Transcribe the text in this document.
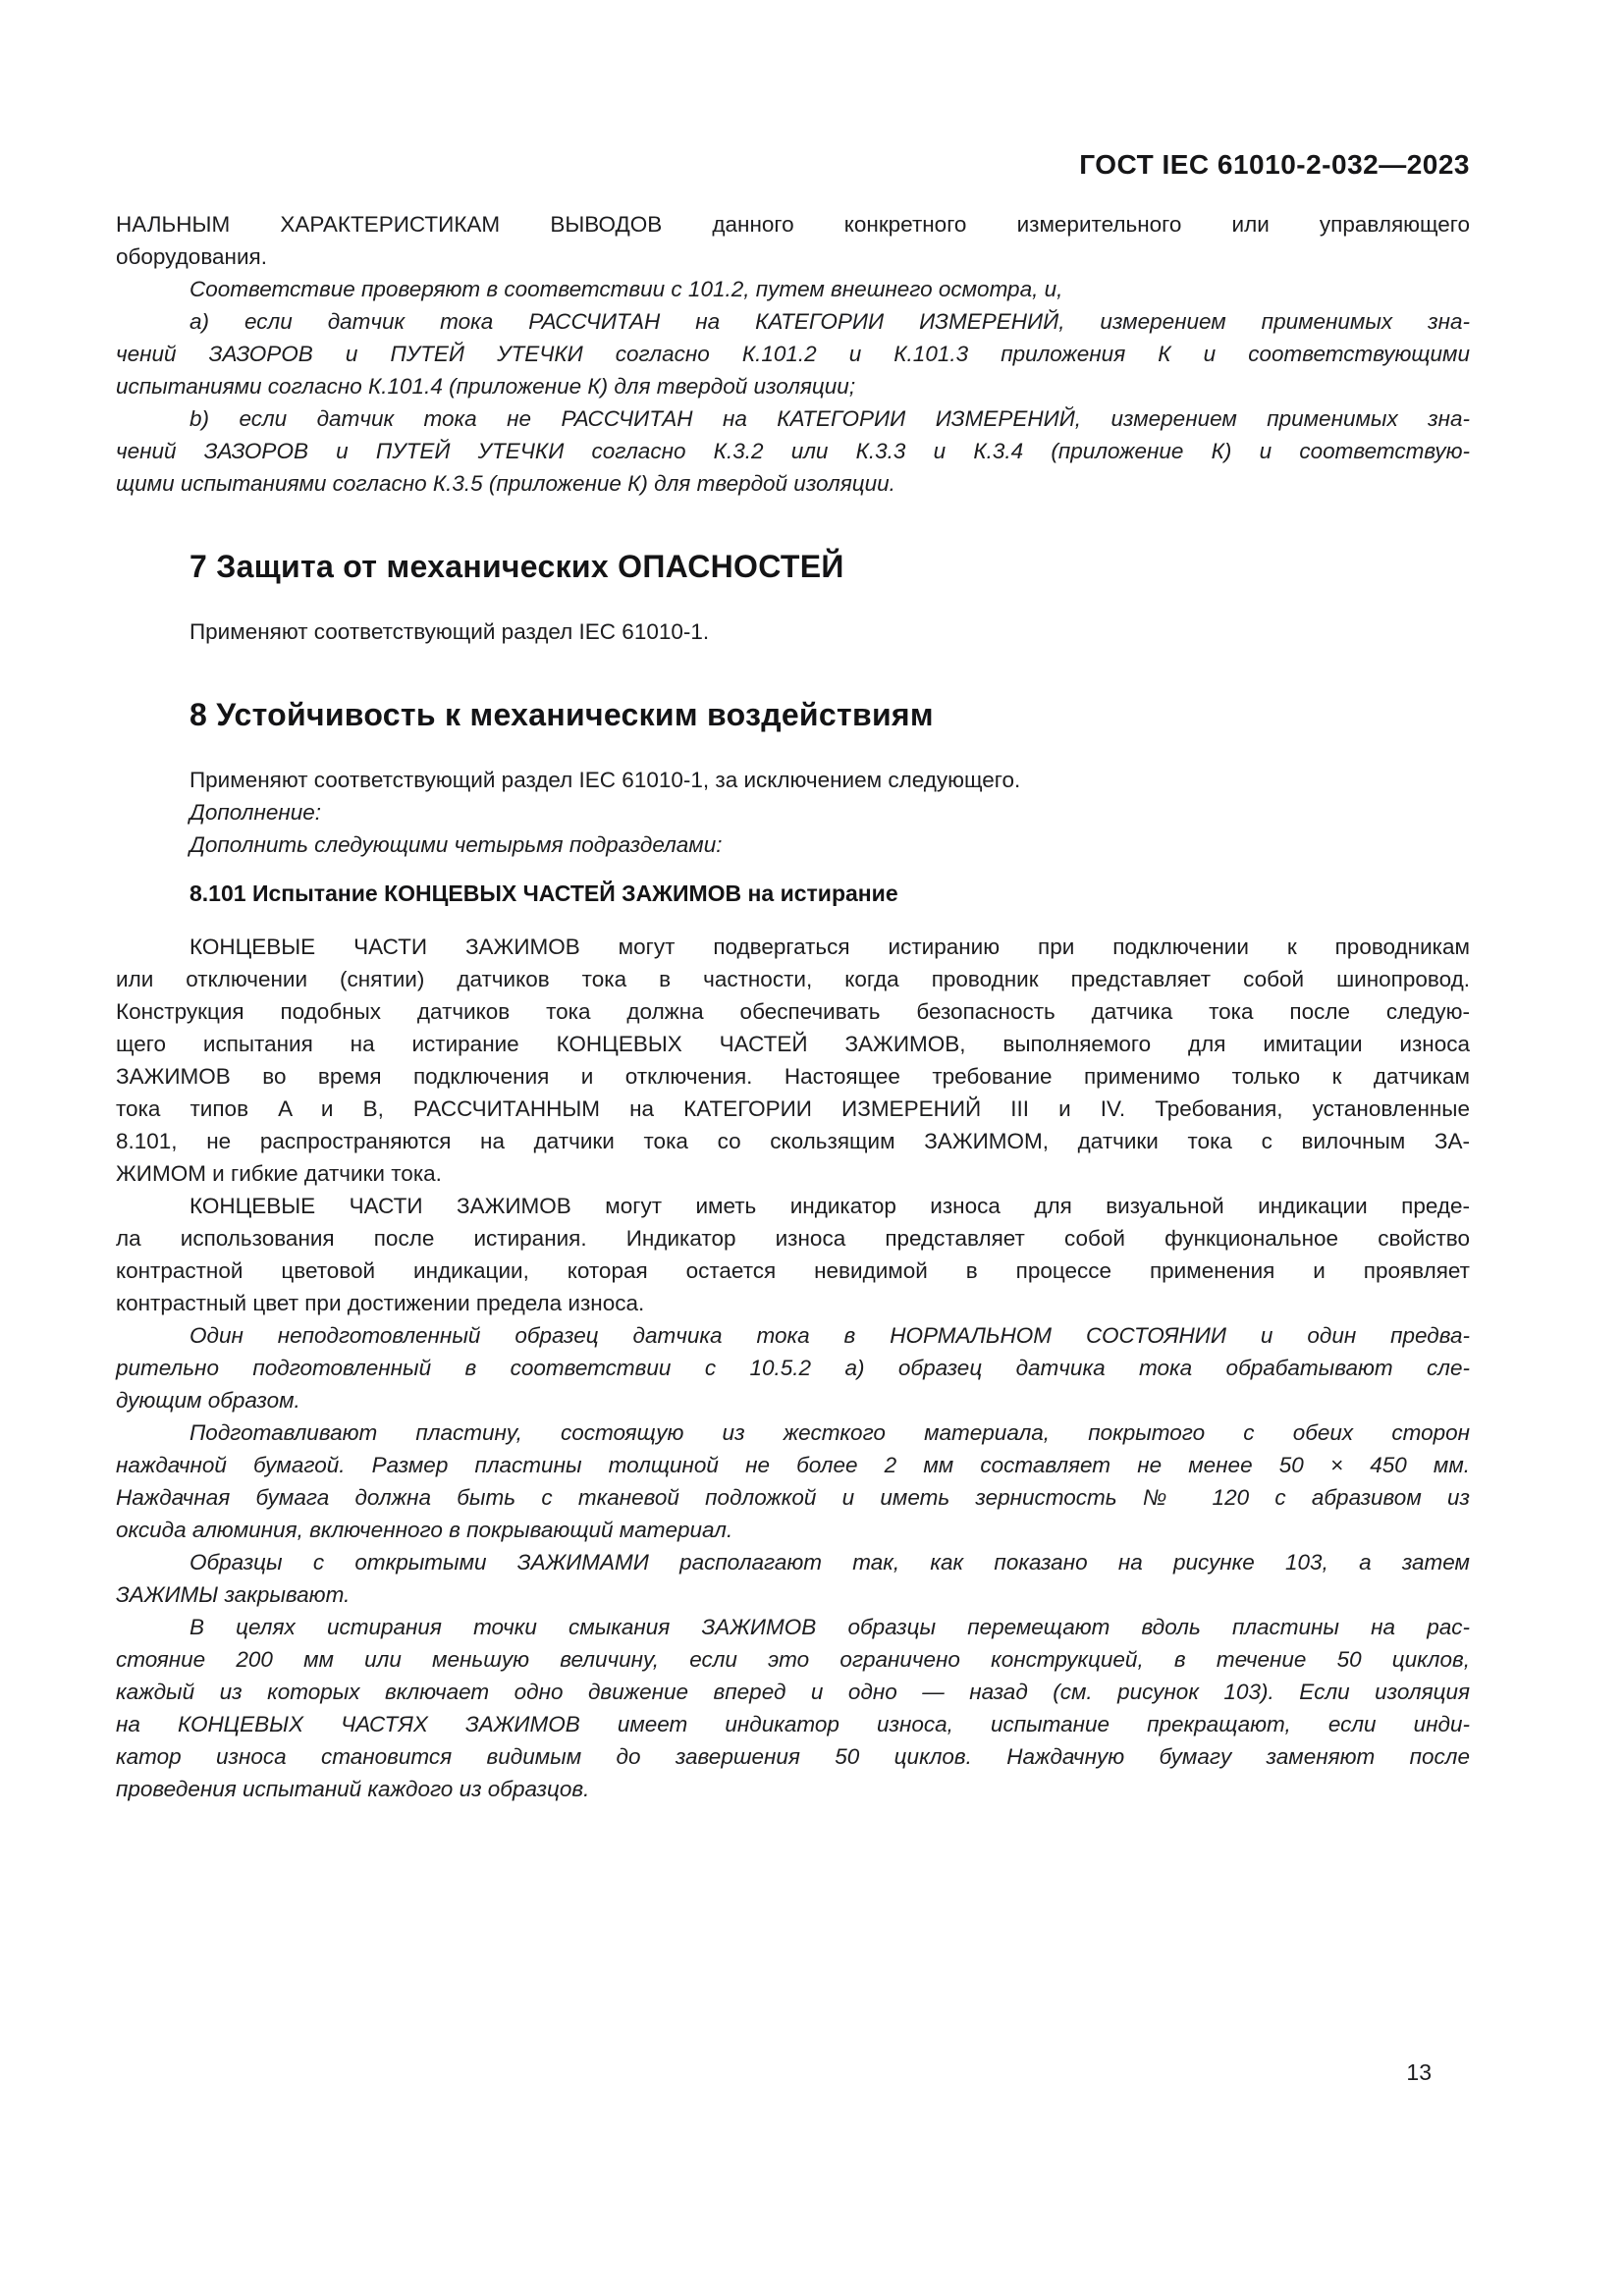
ГОСТ IEC 61010-2-032—2023
НАЛЬНЫМ ХАРАКТЕРИСТИКАМ ВЫВОДОВ данного конкретного измерительного или управляющего
оборудования.
Соответствие проверяют в соответствии с 101.2, путем внешнего осмотра, и,
a) если датчик тока РАССЧИТАН на КАТЕГОРИИ ИЗМЕРЕНИЙ, измерением применимых зна-
чений ЗАЗОРОВ и ПУТЕЙ УТЕЧКИ согласно К.101.2 и К.101.3 приложения К и соответствующими
испытаниями согласно К.101.4 (приложение К) для твердой изоляции;
b) если датчик тока не РАССЧИТАН на КАТЕГОРИИ ИЗМЕРЕНИЙ, измерением применимых зна-
чений ЗАЗОРОВ и ПУТЕЙ УТЕЧКИ согласно К.3.2 или К.3.3 и К.3.4 (приложение К) и соответствую-
щими испытаниями согласно К.3.5 (приложение К) для твердой изоляции.
7 Защита от механических ОПАСНОСТЕЙ
Применяют соответствующий раздел IEC 61010-1.
8 Устойчивость к механическим воздействиям
Применяют соответствующий раздел IEC 61010-1, за исключением следующего.
Дополнение:
Дополнить следующими четырьмя подразделами:
8.101 Испытание КОНЦЕВЫХ ЧАСТЕЙ ЗАЖИМОВ на истирание
КОНЦЕВЫЕ ЧАСТИ ЗАЖИМОВ могут подвергаться истиранию при подключении к проводникам
или отключении (снятии) датчиков тока в частности, когда проводник представляет собой шинопровод.
Конструкция подобных датчиков тока должна обеспечивать безопасность датчика тока после следую-
щего испытания на истирание КОНЦЕВЫХ ЧАСТЕЙ ЗАЖИМОВ, выполняемого для имитации износа
ЗАЖИМОВ во время подключения и отключения. Настоящее требование применимо только к датчикам
тока типов A и B, РАССЧИТАННЫМ на КАТЕГОРИИ ИЗМЕРЕНИЙ III и IV. Требования, установленные
8.101, не распространяются на датчики тока со скользящим ЗАЖИМОМ, датчики тока с вилочным ЗА-
ЖИМОМ и гибкие датчики тока.
КОНЦЕВЫЕ ЧАСТИ ЗАЖИМОВ могут иметь индикатор износа для визуальной индикации преде-
ла использования после истирания. Индикатор износа представляет собой функциональное свойство
контрастной цветовой индикации, которая остается невидимой в процессе применения и проявляет
контрастный цвет при достижении предела износа.
Один неподготовленный образец датчика тока в НОРМАЛЬНОМ СОСТОЯНИИ и один предва-
рительно подготовленный в соответствии с 10.5.2 a) образец датчика тока обрабатывают сле-
дующим образом.
Подготавливают пластину, состоящую из жесткого материала, покрытого с обеих сторон
наждачной бумагой. Размер пластины толщиной не более 2 мм составляет не менее 50 × 450 мм.
Наждачная бумага должна быть с тканевой подложкой и иметь зернистость № 120 с абразивом из
оксида алюминия, включенного в покрывающий материал.
Образцы с открытыми ЗАЖИМАМИ располагают так, как показано на рисунке 103, а затем
ЗАЖИМЫ закрывают.
В целях истирания точки смыкания ЗАЖИМОВ образцы перемещают вдоль пластины на рас-
стояние 200 мм или меньшую величину, если это ограничено конструкцией, в течение 50 циклов,
каждый из которых включает одно движение вперед и одно — назад (см. рисунок 103). Если изоляция
на КОНЦЕВЫХ ЧАСТЯХ ЗАЖИМОВ имеет индикатор износа, испытание прекращают, если инди-
катор износа становится видимым до завершения 50 циклов. Наждачную бумагу заменяют после
проведения испытаний каждого из образцов.
13
